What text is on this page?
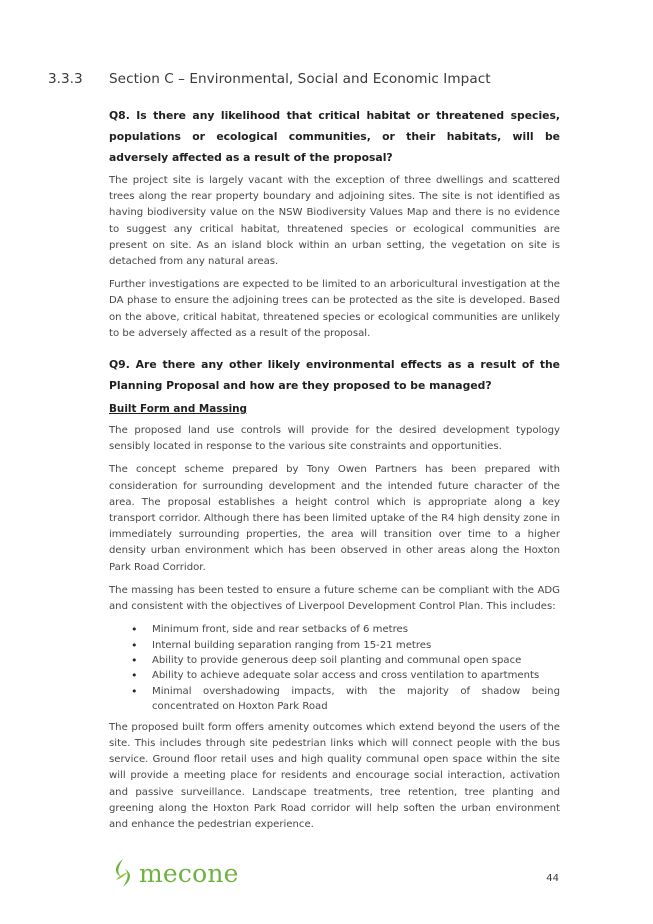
3.3.3	Section C – Environmental, Social and Economic Impact

Q8. Is there any likelihood that critical habitat or threatened species, populations or ecological communities, or their habitats, will be adversely affected as a result of the proposal?

The project site is largely vacant with the exception of three dwellings and scattered trees along the rear property boundary and adjoining sites. The site is not identified as having biodiversity value on the NSW Biodiversity Values Map and there is no evidence to suggest any critical habitat, threatened species or ecological communities are present on site. As an island block within an urban setting, the vegetation on site is detached from any natural areas.

Further investigations are expected to be limited to an arboricultural investigation at the DA phase to ensure the adjoining trees can be protected as the site is developed. Based on the above, critical habitat, threatened species or ecological communities are unlikely to be adversely affected as a result of the proposal.

Q9. Are there any other likely environmental effects as a result of the Planning Proposal and how are they proposed to be managed?

Built Form and Massing

The proposed land use controls will provide for the desired development typology sensibly located in response to the various site constraints and opportunities.

The concept scheme prepared by Tony Owen Partners has been prepared with consideration for surrounding development and the intended future character of the area. The proposal establishes a height control which is appropriate along a key transport corridor. Although there has been limited uptake of the R4 high density zone in immediately surrounding properties, the area will transition over time to a higher density urban environment which has been observed in other areas along the Hoxton Park Road Corridor.

The massing has been tested to ensure a future scheme can be compliant with the ADG and consistent with the objectives of Liverpool Development Control Plan. This includes:

• Minimum front, side and rear setbacks of 6 metres
• Internal building separation ranging from 15-21 metres
• Ability to provide generous deep soil planting and communal open space
• Ability to achieve adequate solar access and cross ventilation to apartments
• Minimal overshadowing impacts, with the majority of shadow being concentrated on Hoxton Park Road

The proposed built form offers amenity outcomes which extend beyond the users of the site. This includes through site pedestrian links which will connect people with the bus service. Ground floor retail uses and high quality communal open space within the site will provide a meeting place for residents and encourage social interaction, activation and passive surveillance. Landscape treatments, tree retention, tree planting and greening along the Hoxton Park Road corridor will help soften the urban environment and enhance the pedestrian experience.

mecone	44
